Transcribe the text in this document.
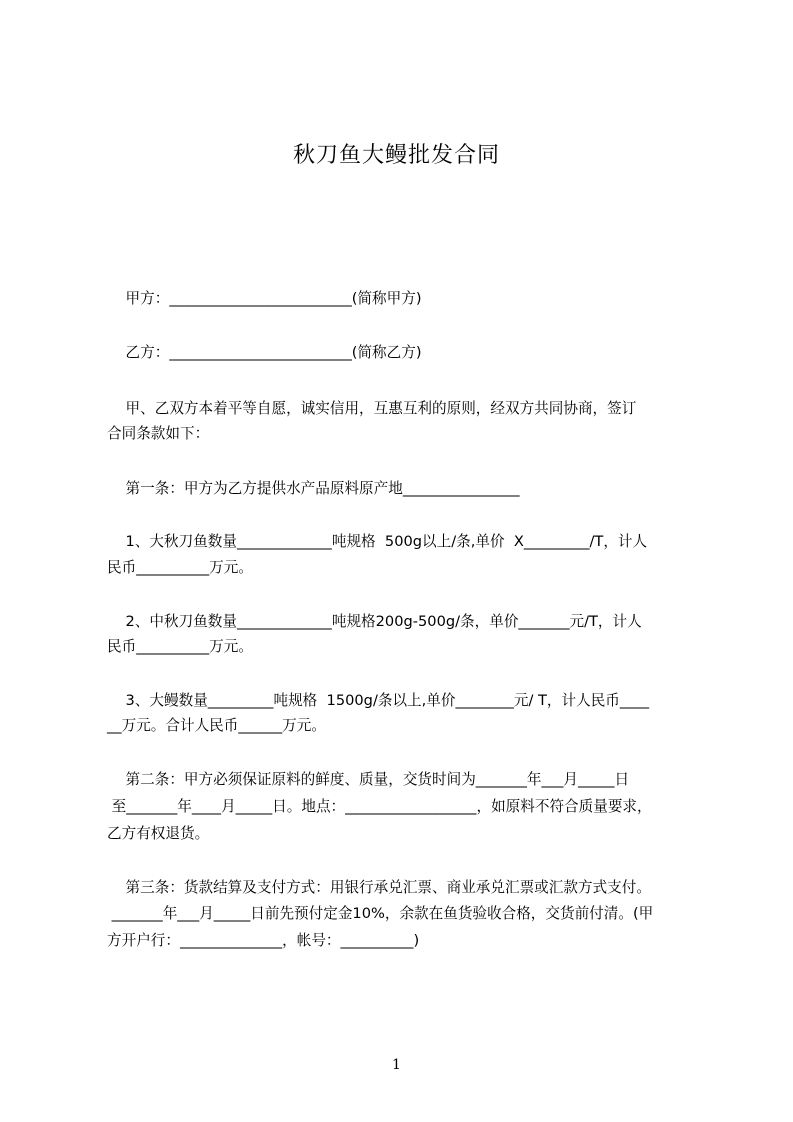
秋刀鱼大鳗批发合同
甲方：_________________________(简称甲方)
乙方：_________________________(简称乙方)
甲、乙双方本着平等自愿，诚实信用，互惠互利的原则，经双方共同协商，签订
合同条款如下：
第一条：甲方为乙方提供水产品原料原产地________________
1、大秋刀鱼数量_____________吨规格  500g以上/条,单价  X_________/T，计人
民币__________万元。
2、中秋刀鱼数量_____________吨规格200g-500g/条，单价_______元/T，计人
民币__________万元。
3、大鳗数量_________吨规格  1500g/条以上,单价________元/ T，计人民币____
__万元。合计人民币______万元。
第二条：甲方必须保证原料的鲜度、质量，交货时间为_______年___月_____日
至_______年____月_____日。地点：__________________，如原料不符合质量要求，
乙方有权退货。
第三条：货款结算及支付方式：用银行承兑汇票、商业承兑汇票或汇款方式支付。
_______年___月_____日前先预付定金10%，余款在鱼货验收合格，交货前付清。(甲
方开户行：______________，帐号：__________)
1
